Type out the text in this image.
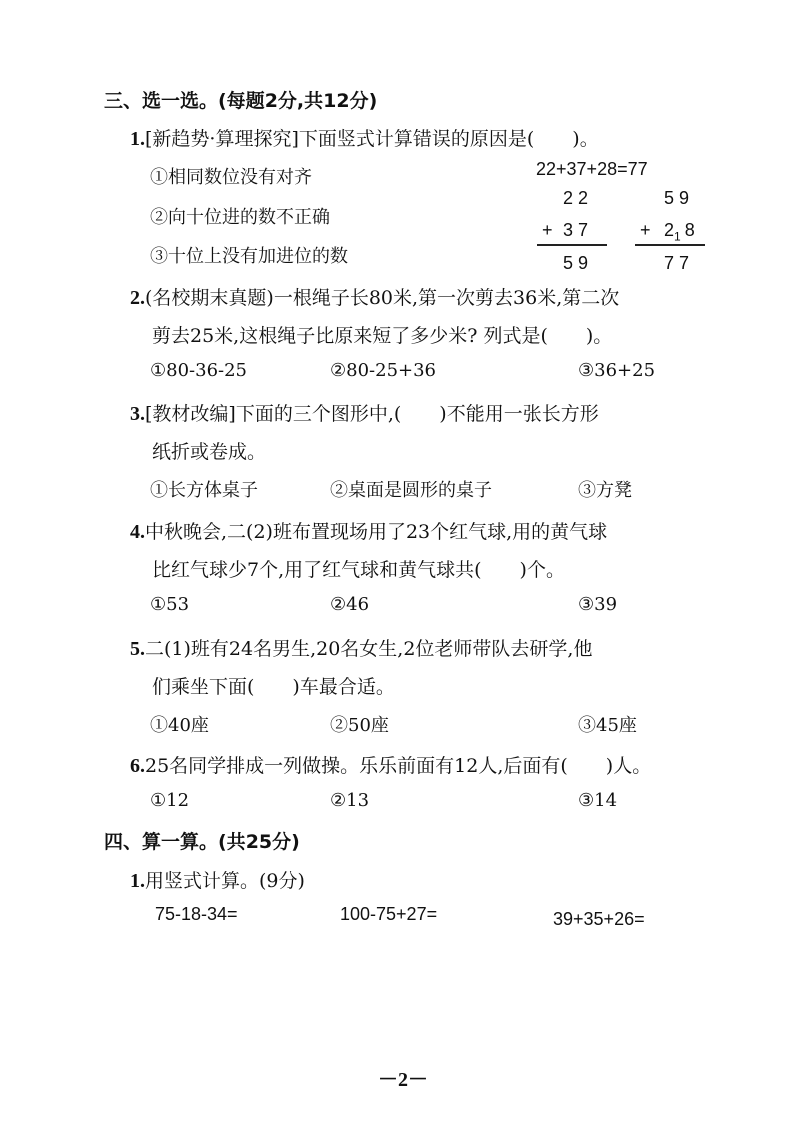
三、选一选。(每题2分,共12分)
1.[新趋势·算理探究]下面竖式计算错误的原因是(　　)。
①相同数位没有对齐
②向十位进的数不正确
③十位上没有加进位的数
22+37+28=77
2 2
+ 3 7
5 9
5 9
+ $2_1$ 8
7 7
2.(名校期末真题)一根绳子长80米,第一次剪去36米,第二次
剪去25米,这根绳子比原来短了多少米? 列式是(　　)。
①80-36-25	②80-25+36	③36+25
3.[教材改编]下面的三个图形中,(　　)不能用一张长方形
纸折或卷成。
①长方体桌子	②桌面是圆形的桌子	③方凳
4.中秋晚会,二(2)班布置现场用了23个红气球,用的黄气球
比红气球少7个,用了红气球和黄气球共(　　)个。
①53	②46	③39
5.二(1)班有24名男生,20名女生,2位老师带队去研学,他
们乘坐下面(　　)车最合适。
①40座	②50座	③45座
6.25名同学排成一列做操。乐乐前面有12人,后面有(　　)人。
①12	②13	③14
四、算一算。(共25分)
1.用竖式计算。(9分)
75-18-34=	100-75+27=	39+35+26=
－2－
